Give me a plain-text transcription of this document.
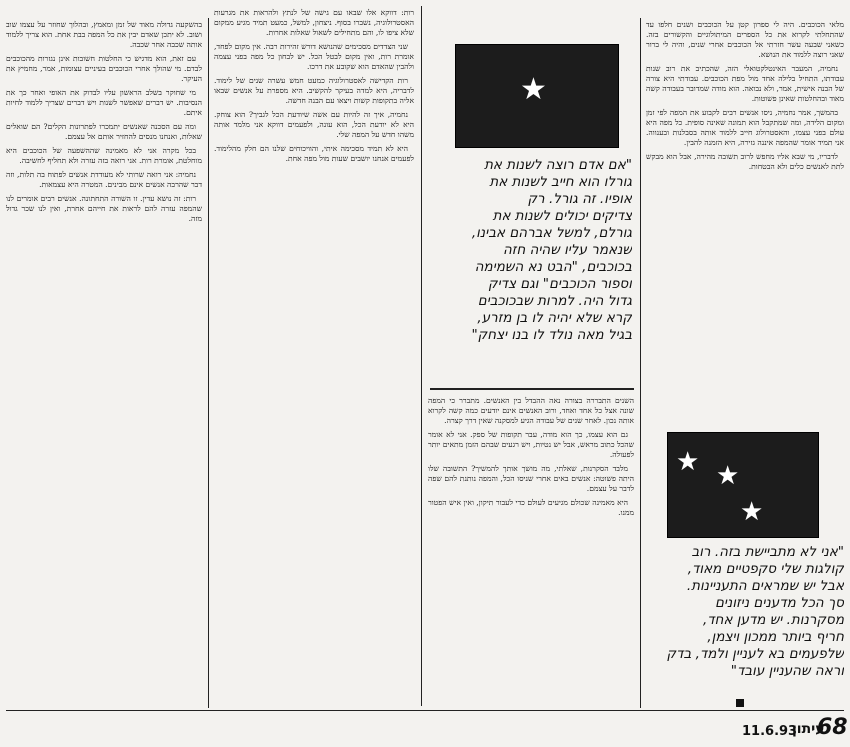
בהשקעה גדולה מאוד של זמן ומאמץ, ובהלוך שחוזר על עצמו שוב ושוב. לא יתכן שאדם יבין את כל המפה בבת אחת. הוא צריך ללמוד אותה שכבה אחר שכבה.

עם זאת, הוא מדגיש כי החלטות חשובות אינן נגזרות מהכוכבים לבדם. מי שהולך אחרי הכוכבים בעיניים עצומות, אמר, מחמיץ את העיקר.

מי שחוקר בשלב הראשון עליו לבדוק את האופי ואחר כך את הנסיבות. יש דברים שאפשר לשנות ויש דברים שצריך ללמוד לחיות איתם.

ומה עם הסכנה שאנשים יתמכרו לפתרונות הקלים? הם שואלים שאלות, ואנחנו מנסים להחזיר אותם אל עצמם.

בכל מקרה אני לא מאמינה שההשפעה של הכוכבים היא מוחלטת, אומרת רות. אני רואה בזה עזרה ולא תחליף לחשיבה.

נחמיה: אני רואה שרותי לא מעודדת אנשים לפתוח בה תלות, וזה דבר שהרבה אנשים אינם מבינים. המטרה היא עצמאות.

רות: זה נושא עדין. זו השורה התחתונה. אנשים רבים אומרים לנו שהמפה עזרה להם לראות את חייהם אחרת, ואין לנו שכר גדול מזה.

רות: דווקא אלו שבאו עם גישה של לנתץ ולהראות את מגרעות האסטרולוגיה, נשברו בסוף. ניצחון, למשל, כמעט תמיד מגיע ממקום שלא ציפו לו, והם מתחילים לשאול שאלות אחרות.

שני הצדדים מסכימים שהנושא דורש זהירות רבה. אין מקום לפחד, אומרת רות, ואין מקום לבטל הכל. יש לבחון כל מפה בפני עצמה ולהבין שהאדם הוא שקובע את דרכו.

רות הקדישה לאסטרולוגיה כמעט חמש עשרה שנים של לימוד. לדבריה, היא למדה בעיקר להקשיב. היא מספרת על אנשים שבאו אליה בתקופות קשות ויצאו עם הבנה חדשה.

נחמיה, איך זה להיות עם אשה שיודעת הכל לגביך? הוא צוחק. היא לא יודעת הכל, הוא עונה, ולפעמים דווקא אני מלמד אותה משהו חדש על המפה שלי.

היא לא תמיד מסכימה איתי, והוויכוחים שלנו הם חלק מהלימוד. לפעמים אנחנו יושבים שעות מול מפה אחת.

★
"אם אדם רוצה לשנות את
גורלו הוא חייב לשנות את
אופיו. זה גורל. רק
צדיקים יכולים לשנות את
גורלם, למשל אברהם אבינו,
שנאמר עליו שהיה חזה
בכוכבים, "הבט נא השמימה
וספור הכוכבים" וגם צדיק
גדול היה. למרות שבכוכבים
קרא שלא יהיה לו בן מזרע,
בגיל מאה נולד לו בנו יצחק"

השנים התבררה בצורה נאה ההבדל בין האנשים. מתברר כי המפה שונה אצל כל אחד ואחד, ורוב האנשים אינם יודעים כמה קשה לקרוא אותה נכון. לאחר שנים של עבודה הגיע למסקנה שאין דרך קצרה.

גם הוא עצמו, כך הוא מודה, עבר תקופות של ספק. אני לא אומר שהכל כתוב מראש, אבל יש נטיות, ויש רגעים שבהם הזמן מתאים יותר לפעולה.

מלבד הסקרנות, שאלתי, מה מושך אותך להמשיך? התשובה שלו היתה פשוטה: אנשים באים אחרי שניסו הכל, והמפה נותנת להם שפה לדבר על עצמם.

היא מאמינה שכולם מגיעים לעולם כדי לעבור תיקון, ואין איש הפטור ממנו.

מלאי הכוכבים. היה לי ספרון קטן על הכוכבים ושנים חלפו עד שהתחלתי לקרוא את כל הספרים המיתולוגיים והקשורים בזה. כשאני שבעה עשר חזרתי אל הכוכבים אחרי שנים, והיה לי ברור שאני רוצה ללמוד את הנושא.

נחמיה, המעבר האינטלקטואלי הזה, שהכתיב את רוב שנות עבודתו, התחיל בלילה אחד מול מפת הכוכבים. עבודתי היא צורה של הבנה אישית, אמר, ולא נבואה. הוא מודה שמדובר בעבודה קשה מאוד ובהחלטות שאינן פשוטות.

בהמשך, אמר נחמיה, ניסו אנשים רבים לקבוע את המפה לפי זמן ומקום הלידה, ומה שמתקבל הוא תמונה שאינה סופית. כל מפה היא עולם בפני עצמו, והאסטרולוג חייב ללמוד אותה בסבלנות ובענווה. אני תמיד אומר שהמפה איננה גזירה, היא הזמנה להבין.

לדבריו, מי שבא אליו מחפש לרוב תשובה מהירה, אבל הוא מבקש לתת לאנשים כלים ולא הבטחות.

★ ★
★
"אני לא מתביישת בזה. רוב
קולגות שלי סקפטיים מאוד,
אבל יש שמראים התעניינות.
סך הכל מדענים ניזונים
מסקרנות. יש מדען אחד,
חריף ביותר ממכון ויצמן,
שלפעמים בא לעניין ולמד, בדק
וראה שהעניין עובד"
11.6.93
עיתון
68
